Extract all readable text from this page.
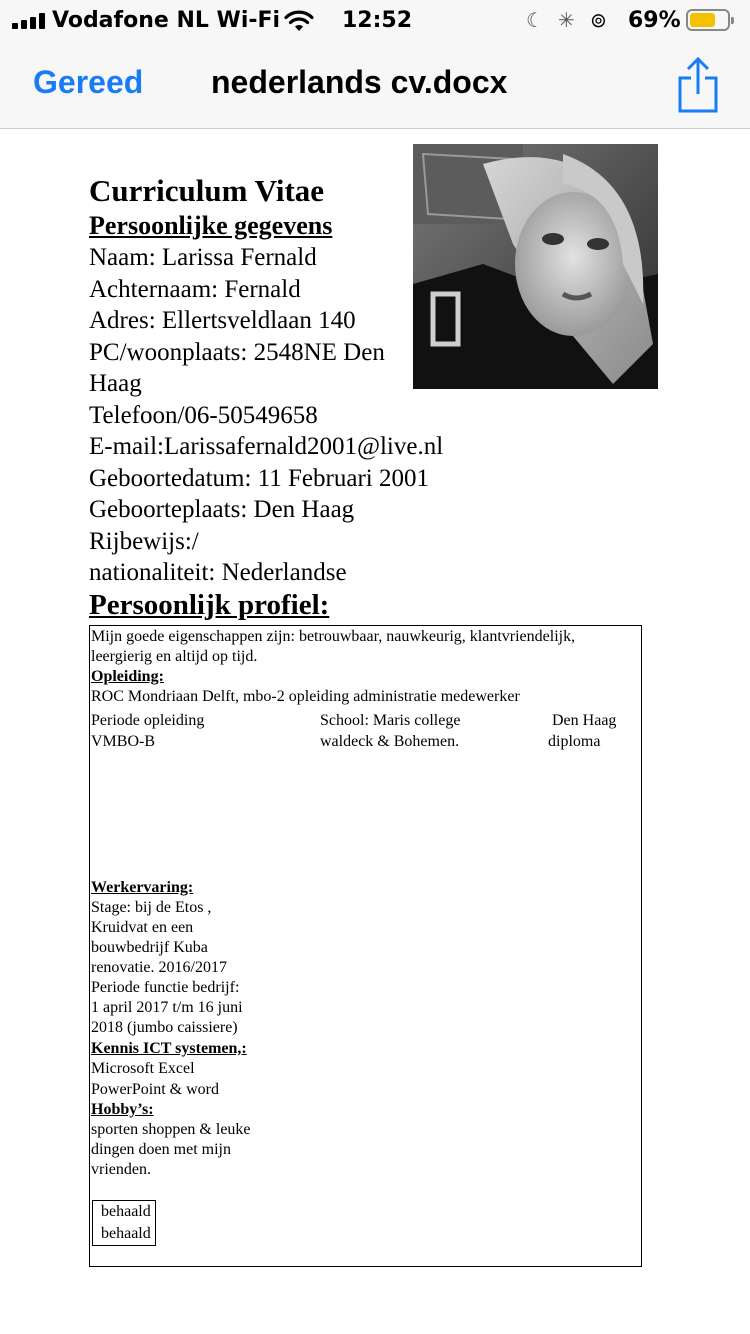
Vodafone NL Wi-Fi	12:52	☾ ✳ ⊚ 69%
Gereed nederlands cv.docx
Curriculum Vitae
Persoonlijke gegevens
Naam: Larissa Fernald
Achternaam: Fernald
Adres: Ellertsveldlaan 140
PC/woonplaats: 2548NE Den
Haag
Telefoon/06-50549658
E-mail:Larissafernald2001@live.nl
Geboortedatum: 11 Februari 2001
Geboorteplaats: Den Haag
Rijbewijs:/
nationaliteit: Nederlandse
Persoonlijk profiel:
Mijn goede eigenschappen zijn: betrouwbaar, nauwkeurig, klantvriendelijk,
leergierig en altijd op tijd.
Opleiding:
ROC Mondriaan Delft, mbo-2 opleiding administratie medewerker
Periode opleiding
VMBO-B
School: Maris college
waldeck & Bohemen.
Den Haag
diploma
Werkervaring:
Stage: bij de Etos ,
Kruidvat en een
bouwbedrijf Kuba
renovatie. 2016/2017
Periode functie bedrijf:
1 april 2017 t/m 16 juni
2018 (jumbo caissiere)
Kennis ICT systemen,:
Microsoft Excel
PowerPoint & word
Hobby’s:
sporten shoppen & leuke
dingen doen met mijn
vrienden.
behaald
behaald
